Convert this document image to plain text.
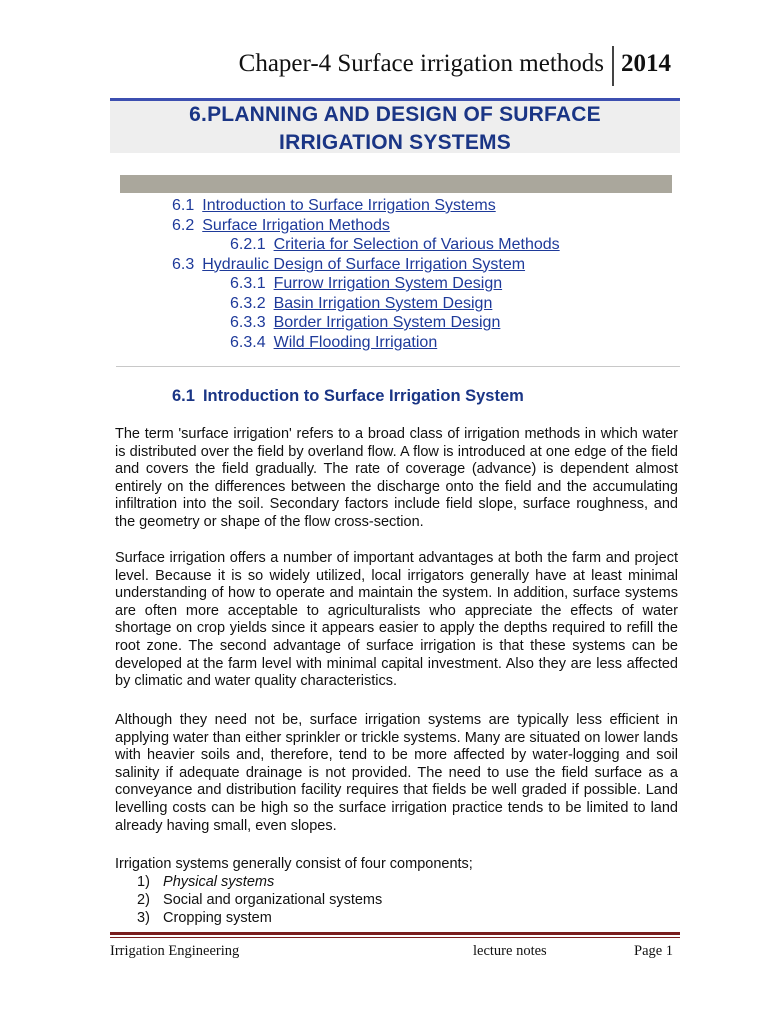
Chaper-4 Surface irrigation methods 2014
6.PLANNING AND DESIGN OF SURFACE
IRRIGATION SYSTEMS
6.1 Introduction to Surface Irrigation Systems
6.2 Surface Irrigation Methods
6.2.1 Criteria for Selection of Various Methods
6.3 Hydraulic Design of Surface Irrigation System
6.3.1 Furrow Irrigation System Design
6.3.2 Basin Irrigation System Design
6.3.3 Border Irrigation System Design
6.3.4 Wild Flooding Irrigation
6.1 Introduction to Surface Irrigation System

The term 'surface irrigation' refers to a broad class of irrigation methods in which water is distributed over the field by overland flow. A flow is introduced at one edge of the field and covers the field gradually. The rate of coverage (advance) is dependent almost entirely on the differences between the discharge onto the field and the accumulating infiltration into the soil. Secondary factors include field slope, surface roughness, and the geometry or shape of the flow cross-section.

Surface irrigation offers a number of important advantages at both the farm and project level. Because it is so widely utilized, local irrigators generally have at least minimal understanding of how to operate and maintain the system. In addition, surface systems are often more acceptable to agriculturalists who appreciate the effects of water shortage on crop yields since it appears easier to apply the depths required to refill the root zone. The second advantage of surface irrigation is that these systems can be developed at the farm level with minimal capital investment. Also they are less affected by climatic and water quality characteristics.

Although they need not be, surface irrigation systems are typically less efficient in applying water than either sprinkler or trickle systems. Many are situated on lower lands with heavier soils and, therefore, tend to be more affected by water-logging and soil salinity if adequate drainage is not provided. The need to use the field surface as a conveyance and distribution facility requires that fields be well graded if possible. Land levelling costs can be high so the surface irrigation practice tends to be limited to land already having small, even slopes.

Irrigation systems generally consist of four components;

1) Physical systems
2) Social and organizational systems
3) Cropping system
Irrigation Engineering	lecture notes	Page 1
